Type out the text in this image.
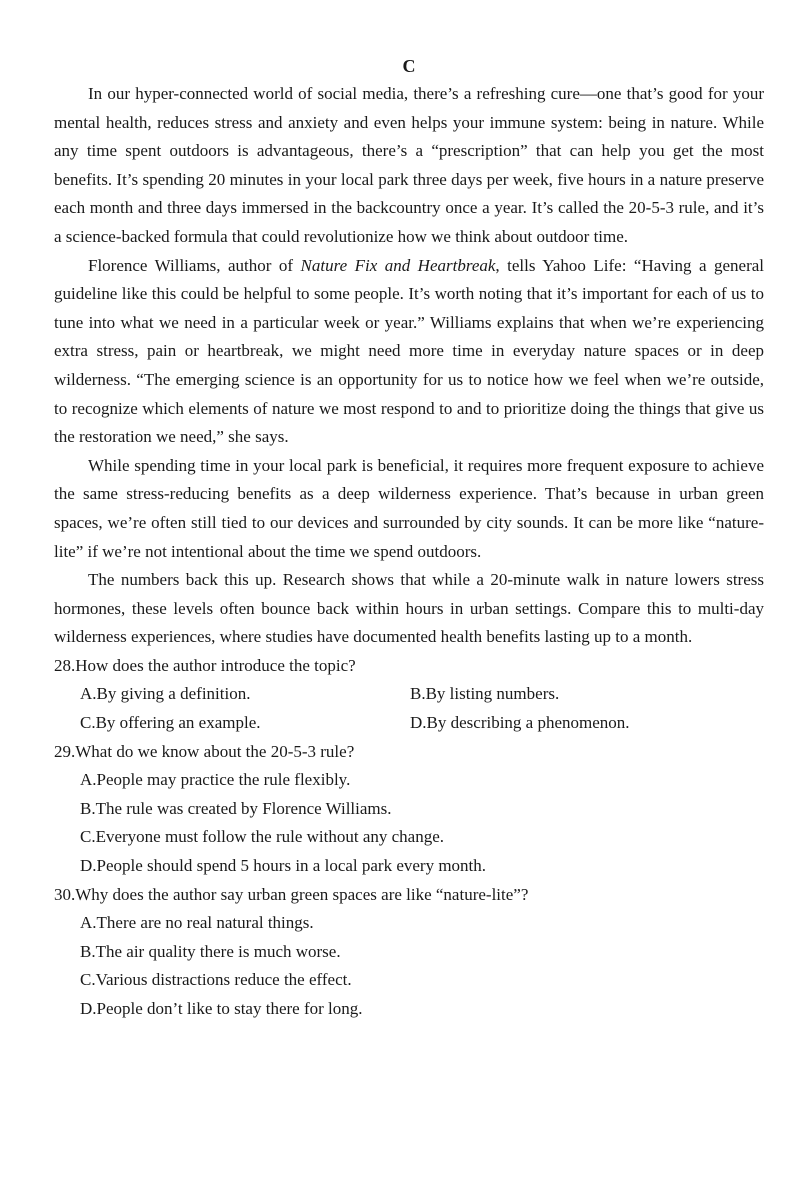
C

In our hyper-connected world of social media, there’s a refreshing cure—one that’s good for your mental health, reduces stress and anxiety and even helps your immune system: being in nature. While any time spent outdoors is advantageous, there’s a “prescription” that can help you get the most benefits. It’s spending 20 minutes in your local park three days per week, five hours in a nature preserve each month and three days immersed in the backcountry once a year. It’s called the 20-5-3 rule, and it’s a science-backed formula that could revolutionize how we think about outdoor time.

Florence Williams, author of Nature Fix and Heartbreak, tells Yahoo Life: “Having a general guideline like this could be helpful to some people. It’s worth noting that it’s important for each of us to tune into what we need in a particular week or year.” Williams explains that when we’re experiencing extra stress, pain or heartbreak, we might need more time in everyday nature spaces or in deep wilderness. “The emerging science is an opportunity for us to notice how we feel when we’re outside, to recognize which elements of nature we most respond to and to prioritize doing the things that give us the restoration we need,” she says.

While spending time in your local park is beneficial, it requires more frequent exposure to achieve the same stress-reducing benefits as a deep wilderness experience. That’s because in urban green spaces, we’re often still tied to our devices and surrounded by city sounds. It can be more like “nature-lite” if we’re not intentional about the time we spend outdoors.

The numbers back this up. Research shows that while a 20-minute walk in nature lowers stress hormones, these levels often bounce back within hours in urban settings. Compare this to multi-day wilderness experiences, where studies have documented health benefits lasting up to a month.

28.How does the author introduce the topic?
A.By giving a definition.	B.By listing numbers.
C.By offering an example.	D.By describing a phenomenon.
29.What do we know about the 20-5-3 rule?
A.People may practice the rule flexibly.
B.The rule was created by Florence Williams.
C.Everyone must follow the rule without any change.
D.People should spend 5 hours in a local park every month.
30.Why does the author say urban green spaces are like “nature-lite”?
A.There are no real natural things.
B.The air quality there is much worse.
C.Various distractions reduce the effect.
D.People don’t like to stay there for long.
